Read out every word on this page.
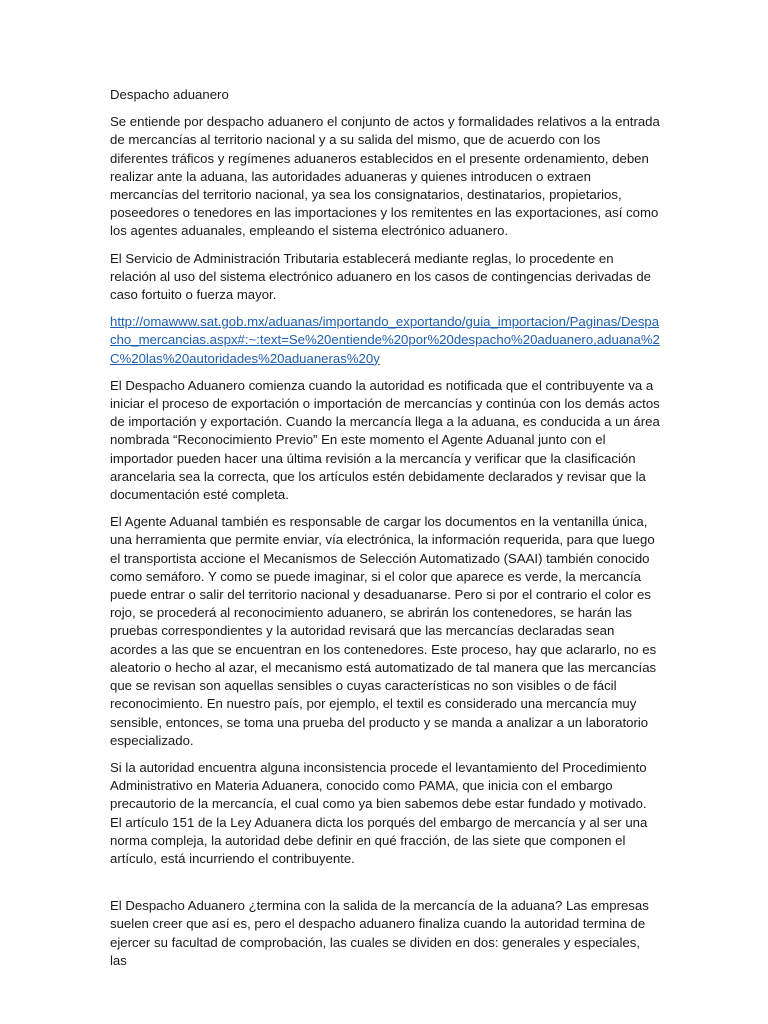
Despacho aduanero

Se entiende por despacho aduanero el conjunto de actos y formalidades relativos a la entrada de mercancías al territorio nacional y a su salida del mismo, que de acuerdo con los diferentes tráficos y regímenes aduaneros establecidos en el presente ordenamiento, deben realizar ante la aduana, las autoridades aduaneras y quienes introducen o extraen mercancías del territorio nacional, ya sea los consignatarios, destinatarios, propietarios, poseedores o tenedores en las importaciones y los remitentes en las exportaciones, así como los agentes aduanales, empleando el sistema electrónico aduanero.

El Servicio de Administración Tributaria establecerá mediante reglas, lo procedente en relación al uso del sistema electrónico aduanero en los casos de contingencias derivadas de caso fortuito o fuerza mayor.

http://omawww.sat.gob.mx/aduanas/importando_exportando/guia_importacion/Paginas/Despacho_mercancias.aspx#:~:text=Se%20entiende%20por%20despacho%20aduanero,aduana%2C%20las%20autoridades%20aduaneras%20y

El Despacho Aduanero comienza cuando la autoridad es notificada que el contribuyente va a iniciar el proceso de exportación o importación de mercancías y continúa con los demás actos de importación y exportación. Cuando la mercancía llega a la aduana, es conducida a un área nombrada “Reconocimiento Previo” En este momento el Agente Aduanal junto con el importador pueden hacer una última revisión a la mercancía y verificar que la clasificación arancelaria sea la correcta, que los artículos estén debidamente declarados y revisar que la documentación esté completa.

El Agente Aduanal también es responsable de cargar los documentos en la ventanilla única, una herramienta que permite enviar, vía electrónica, la información requerida, para que luego el transportista accione el Mecanismos de Selección Automatizado (SAAI) también conocido como semáforo. Y como se puede imaginar, si el color que aparece es verde, la mercancía puede entrar o salir del territorio nacional y desaduanarse. Pero si por el contrario el color es rojo, se procederá al reconocimiento aduanero, se abrirán los contenedores, se harán las pruebas correspondientes y la autoridad revisará que las mercancías declaradas sean acordes a las que se encuentran en los contenedores. Este proceso, hay que aclararlo, no es aleatorio o hecho al azar, el mecanismo está automatizado de tal manera que las mercancías que se revisan son aquellas sensibles o cuyas características no son visibles o de fácil reconocimiento. En nuestro país, por ejemplo, el textil es considerado una mercancía muy sensible, entonces, se toma una prueba del producto y se manda a analizar a un laboratorio especializado.

Si la autoridad encuentra alguna inconsistencia procede el levantamiento del Procedimiento Administrativo en Materia Aduanera, conocido como PAMA, que inicia con el embargo precautorio de la mercancía, el cual como ya bien sabemos debe estar fundado y motivado. El artículo 151 de la Ley Aduanera dicta los porqués del embargo de mercancía y al ser una norma compleja, la autoridad debe definir en qué fracción, de las siete que componen el artículo, está incurriendo el contribuyente.

El Despacho Aduanero ¿termina con la salida de la mercancía de la aduana? Las empresas suelen creer que así es, pero el despacho aduanero finaliza cuando la autoridad termina de ejercer su facultad de comprobación, las cuales se dividen en dos: generales y especiales, las
